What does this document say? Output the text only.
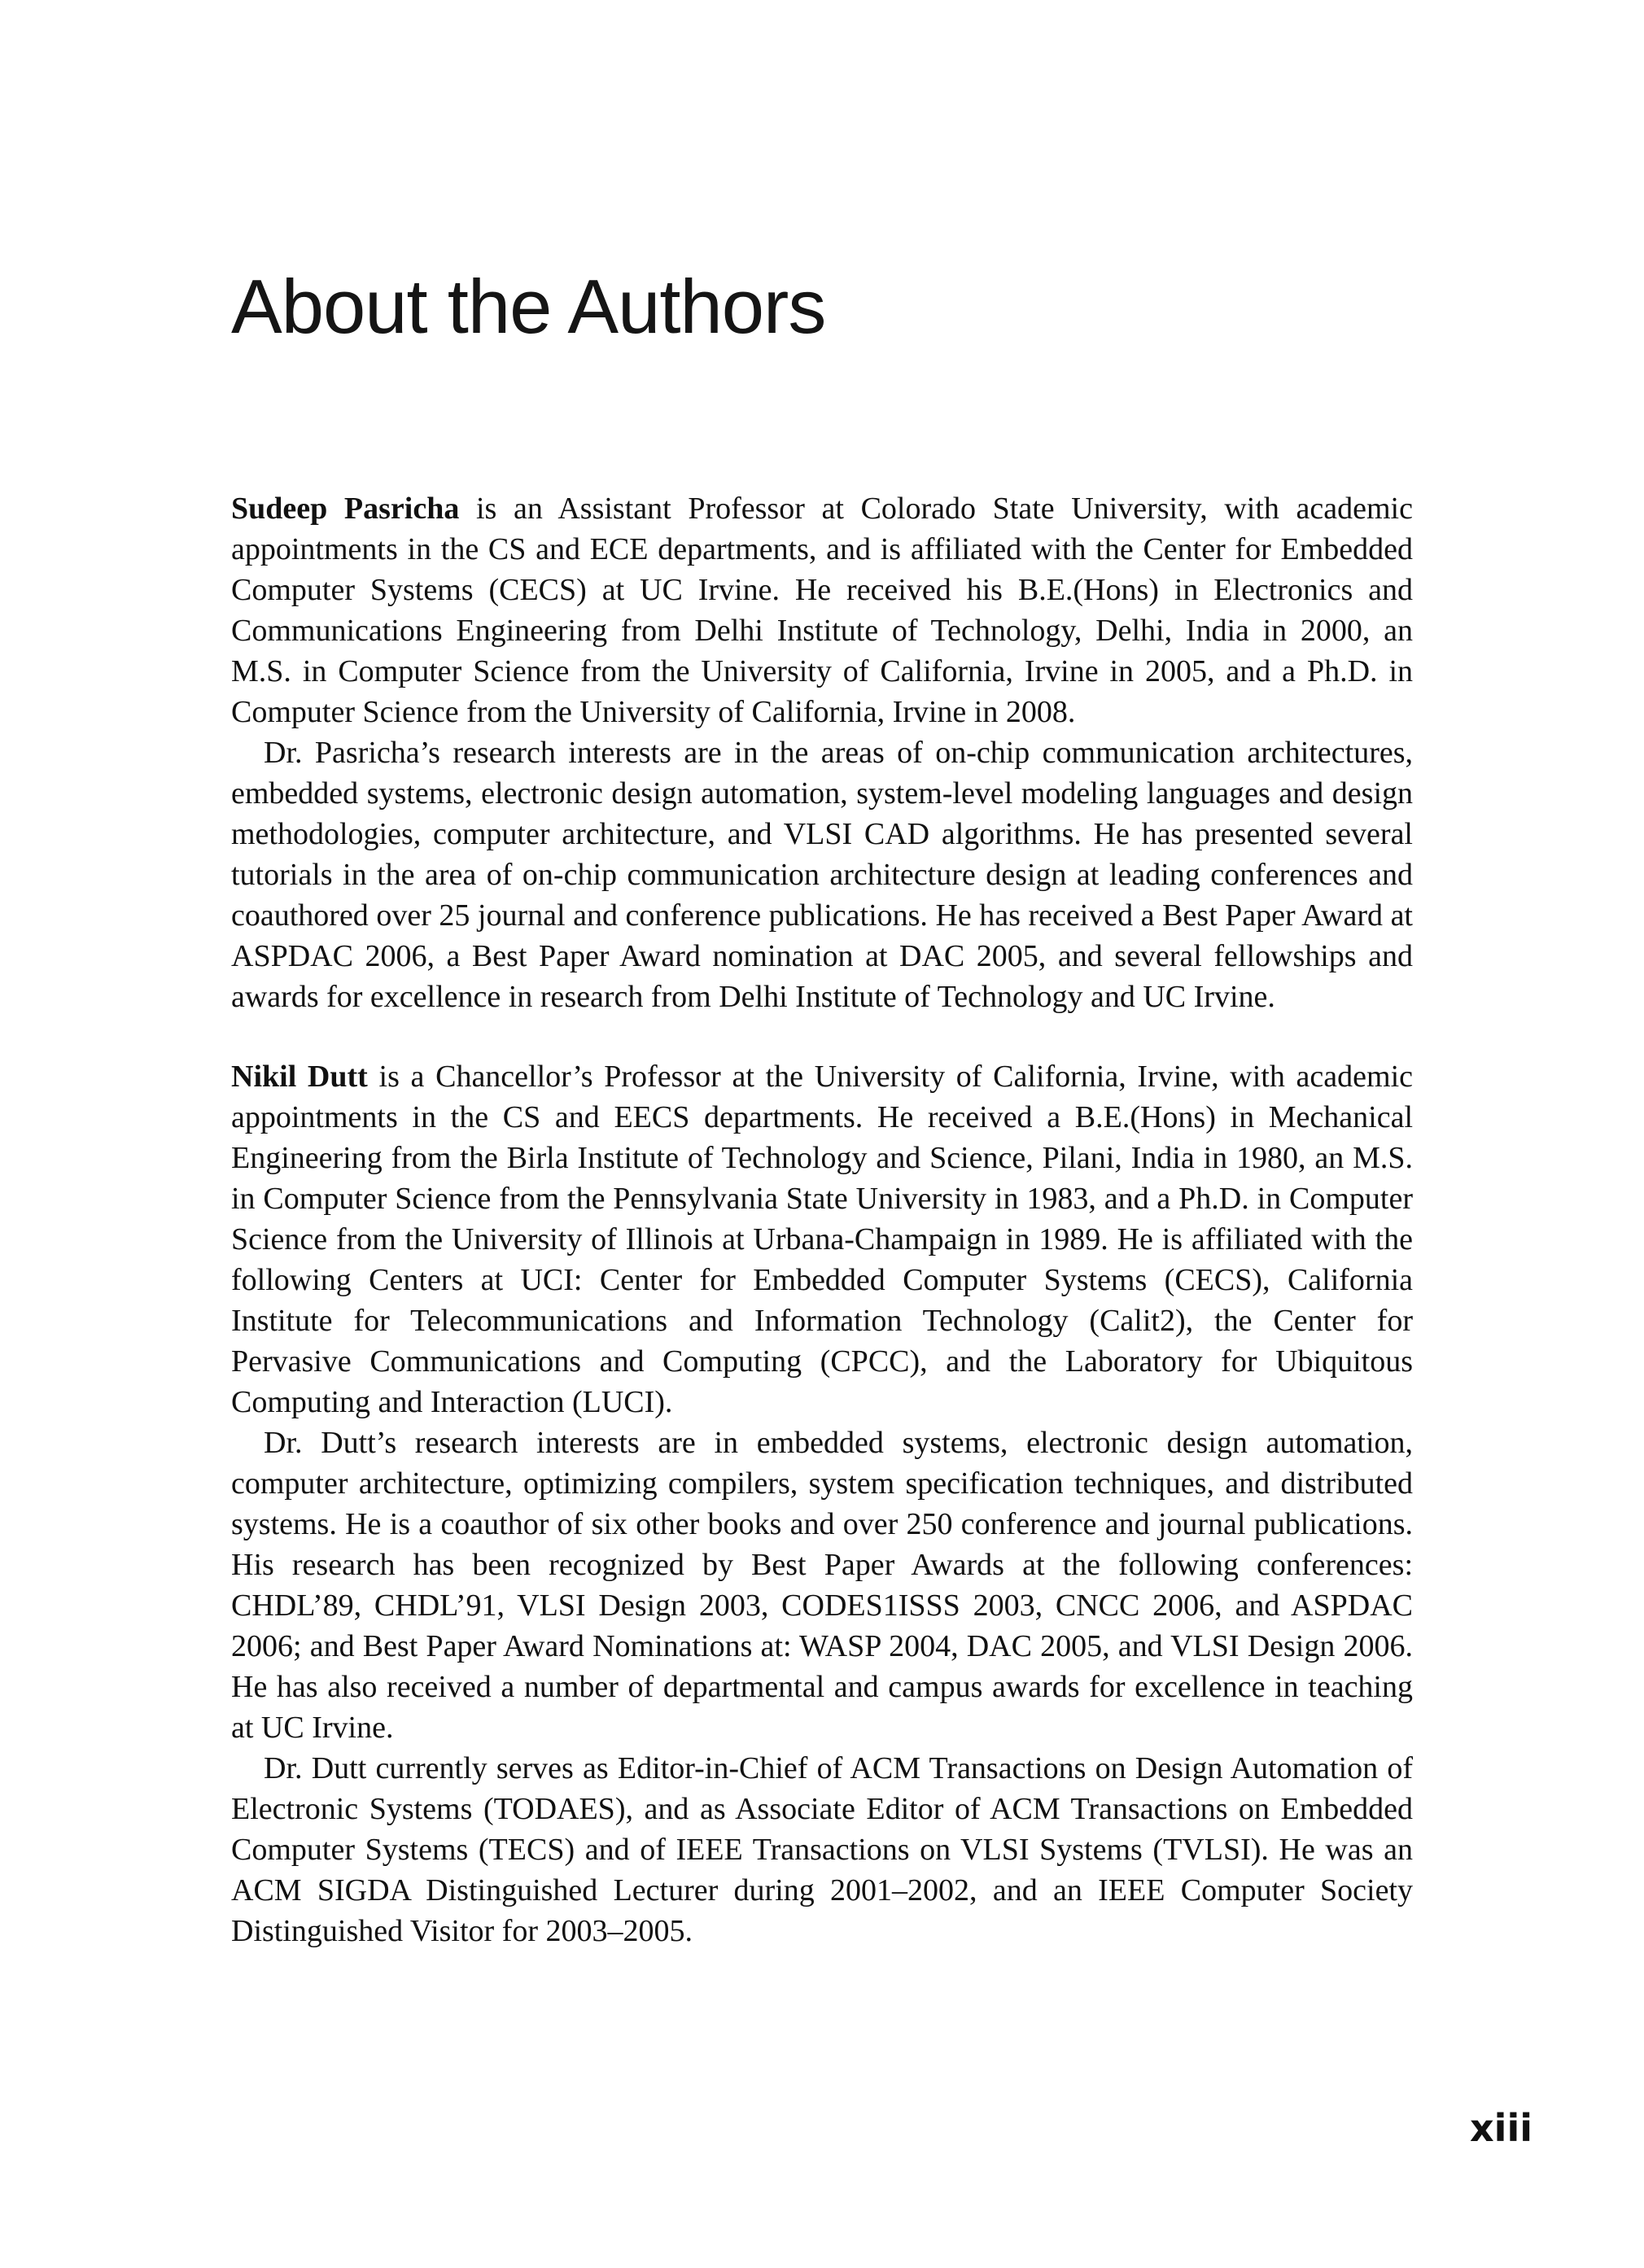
About the Authors

Sudeep Pasricha is an Assistant Professor at Colorado State University, with academic appointments in the CS and ECE departments, and is affiliated with the Center for Embedded Computer Systems (CECS) at UC Irvine. He received his B.E.(Hons) in Electronics and Communications Engineering from Delhi Institute of Technology, Delhi, India in 2000, an M.S. in Computer Science from the University of California, Irvine in 2005, and a Ph.D. in Computer Science from the University of California, Irvine in 2008.

Dr. Pasricha’s research interests are in the areas of on-chip communication architectures, embedded systems, electronic design automation, system-level modeling languages and design methodologies, computer architecture, and VLSI CAD algorithms. He has presented several tutorials in the area of on-chip communication architecture design at leading conferences and coauthored over 25 journal and conference publications. He has received a Best Paper Award at ASPDAC 2006, a Best Paper Award nomination at DAC 2005, and several fellowships and awards for excellence in research from Delhi Institute of Technology and UC Irvine.

Nikil Dutt is a Chancellor’s Professor at the University of California, Irvine, with academic appointments in the CS and EECS departments. He received a B.E.(Hons) in Mechanical Engineering from the Birla Institute of Technology and Science, Pilani, India in 1980, an M.S. in Computer Science from the Pennsylvania State University in 1983, and a Ph.D. in Computer Science from the University of Illinois at Urbana-Champaign in 1989. He is affiliated with the following Centers at UCI: Center for Embedded Computer Systems (CECS), California Institute for Telecommunications and Information Technology (Calit2), the Center for Pervasive Communications and Computing (CPCC), and the Laboratory for Ubiquitous Computing and Interaction (LUCI).

Dr. Dutt’s research interests are in embedded systems, electronic design automation, computer architecture, optimizing compilers, system specification techniques, and distributed systems. He is a coauthor of six other books and over 250 conference and journal publications. His research has been recognized by Best Paper Awards at the following conferences: CHDL’89, CHDL’91, VLSI Design 2003, CODES1ISSS 2003, CNCC 2006, and ASPDAC 2006; and Best Paper Award Nominations at: WASP 2004, DAC 2005, and VLSI Design 2006. He has also received a number of departmental and campus awards for excellence in teaching at UC Irvine.

Dr. Dutt currently serves as Editor-in-Chief of ACM Transactions on Design Automation of Electronic Systems (TODAES), and as Associate Editor of ACM Transactions on Embedded Computer Systems (TECS) and of IEEE Transactions on VLSI Systems (TVLSI). He was an ACM SIGDA Distinguished Lecturer during 2001–2002, and an IEEE Computer Society Distinguished Visitor for 2003–2005.

xiii
